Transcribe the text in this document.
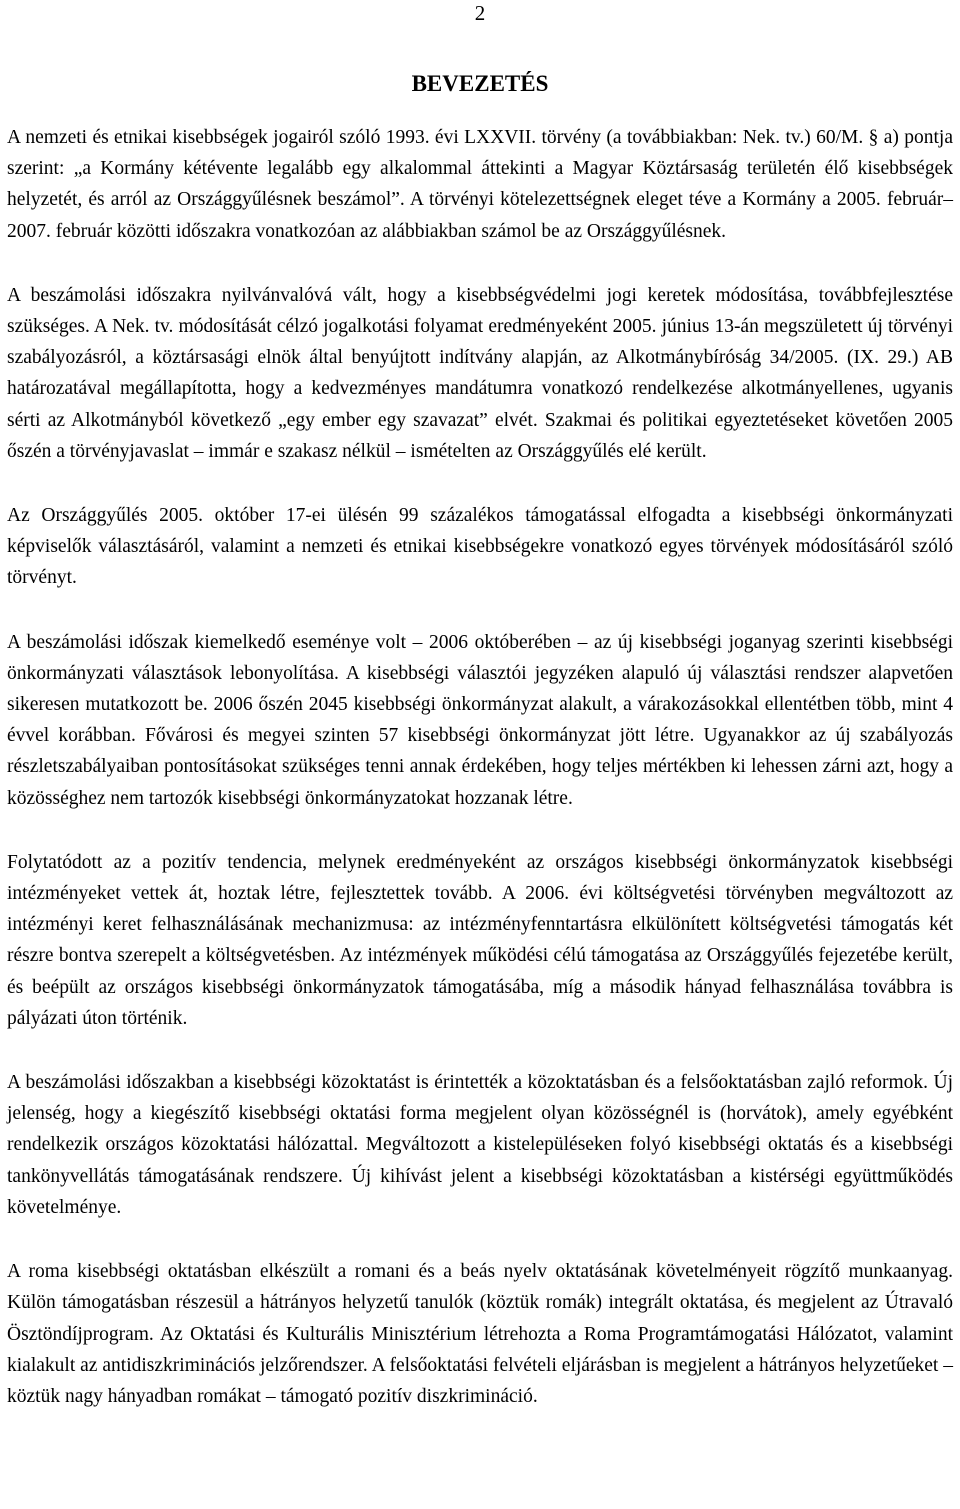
2
BEVEZETÉS

A nemzeti és etnikai kisebbségek jogairól szóló 1993. évi LXXVII. törvény (a továbbiakban: Nek. tv.) 60/M. § a) pontja szerint: „a Kormány kétévente legalább egy alkalommal áttekinti a Magyar Köztársaság területén élő kisebbségek helyzetét, és arról az Országgyűlésnek beszámol”. A törvényi kötelezettségnek eleget téve a Kormány a 2005. február–2007. február közötti időszakra vonatkozóan az alábbiakban számol be az Országgyűlésnek.

A beszámolási időszakra nyilvánvalóvá vált, hogy a kisebbségvédelmi jogi keretek módosítása, továbbfejlesztése szükséges. A Nek. tv. módosítását célzó jogalkotási folyamat eredményeként 2005. június 13-án megszületett új törvényi szabályozásról, a köztársasági elnök által benyújtott indítvány alapján, az Alkotmánybíróság 34/2005. (IX. 29.) AB határozatával megállapította, hogy a kedvezményes mandátumra vonatkozó rendelkezése alkotmányellenes, ugyanis sérti az Alkotmányból következő „egy ember egy szavazat” elvét. Szakmai és politikai egyeztetéseket követően 2005 őszén a törvényjavaslat – immár e szakasz nélkül – ismételten az Országgyűlés elé került.

Az Országgyűlés 2005. október 17-ei ülésén 99 százalékos támogatással elfogadta a kisebbségi önkormányzati képviselők választásáról, valamint a nemzeti és etnikai kisebbségekre vonatkozó egyes törvények módosításáról szóló törvényt.

A beszámolási időszak kiemelkedő eseménye volt – 2006 októberében – az új kisebbségi joganyag szerinti kisebbségi önkormányzati választások lebonyolítása. A kisebbségi választói jegyzéken alapuló új választási rendszer alapvetően sikeresen mutatkozott be. 2006 őszén 2045 kisebbségi önkormányzat alakult, a várakozásokkal ellentétben több, mint 4 évvel korábban. Fővárosi és megyei szinten 57 kisebbségi önkormányzat jött létre. Ugyanakkor az új szabályozás részletszabályaiban pontosításokat szükséges tenni annak érdekében, hogy teljes mértékben ki lehessen zárni azt, hogy a közösséghez nem tartozók kisebbségi önkormányzatokat hozzanak létre.

Folytatódott az a pozitív tendencia, melynek eredményeként az országos kisebbségi önkormányzatok kisebbségi intézményeket vettek át, hoztak létre, fejlesztettek tovább. A 2006. évi költségvetési törvényben megváltozott az intézményi keret felhasználásának mechanizmusa: az intézményfenntartásra elkülönített költségvetési támogatás két részre bontva szerepelt a költségvetésben. Az intézmények működési célú támogatása az Országgyűlés fejezetébe került, és beépült az országos kisebbségi önkormányzatok támogatásába, míg a második hányad felhasználása továbbra is pályázati úton történik.

A beszámolási időszakban a kisebbségi közoktatást is érintették a közoktatásban és a felsőoktatásban zajló reformok. Új jelenség, hogy a kiegészítő kisebbségi oktatási forma megjelent olyan közösségnél is (horvátok), amely egyébként rendelkezik országos közoktatási hálózattal. Megváltozott a kistelepüléseken folyó kisebbségi oktatás és a kisebbségi tankönyvellátás támogatásának rendszere. Új kihívást jelent a kisebbségi közoktatásban a kistérségi együttműködés követelménye.

A roma kisebbségi oktatásban elkészült a romani és a beás nyelv oktatásának követelményeit rögzítő munkaanyag. Külön támogatásban részesül a hátrányos helyzetű tanulók (köztük romák) integrált oktatása, és megjelent az Útravaló Ösztöndíjprogram. Az Oktatási és Kulturális Minisztérium létrehozta a Roma Programtámogatási Hálózatot, valamint kialakult az antidiszkriminációs jelzőrendszer. A felsőoktatási felvételi eljárásban is megjelent a hátrányos helyzetűeket – köztük nagy hányadban romákat – támogató pozitív diszkrimináció.
